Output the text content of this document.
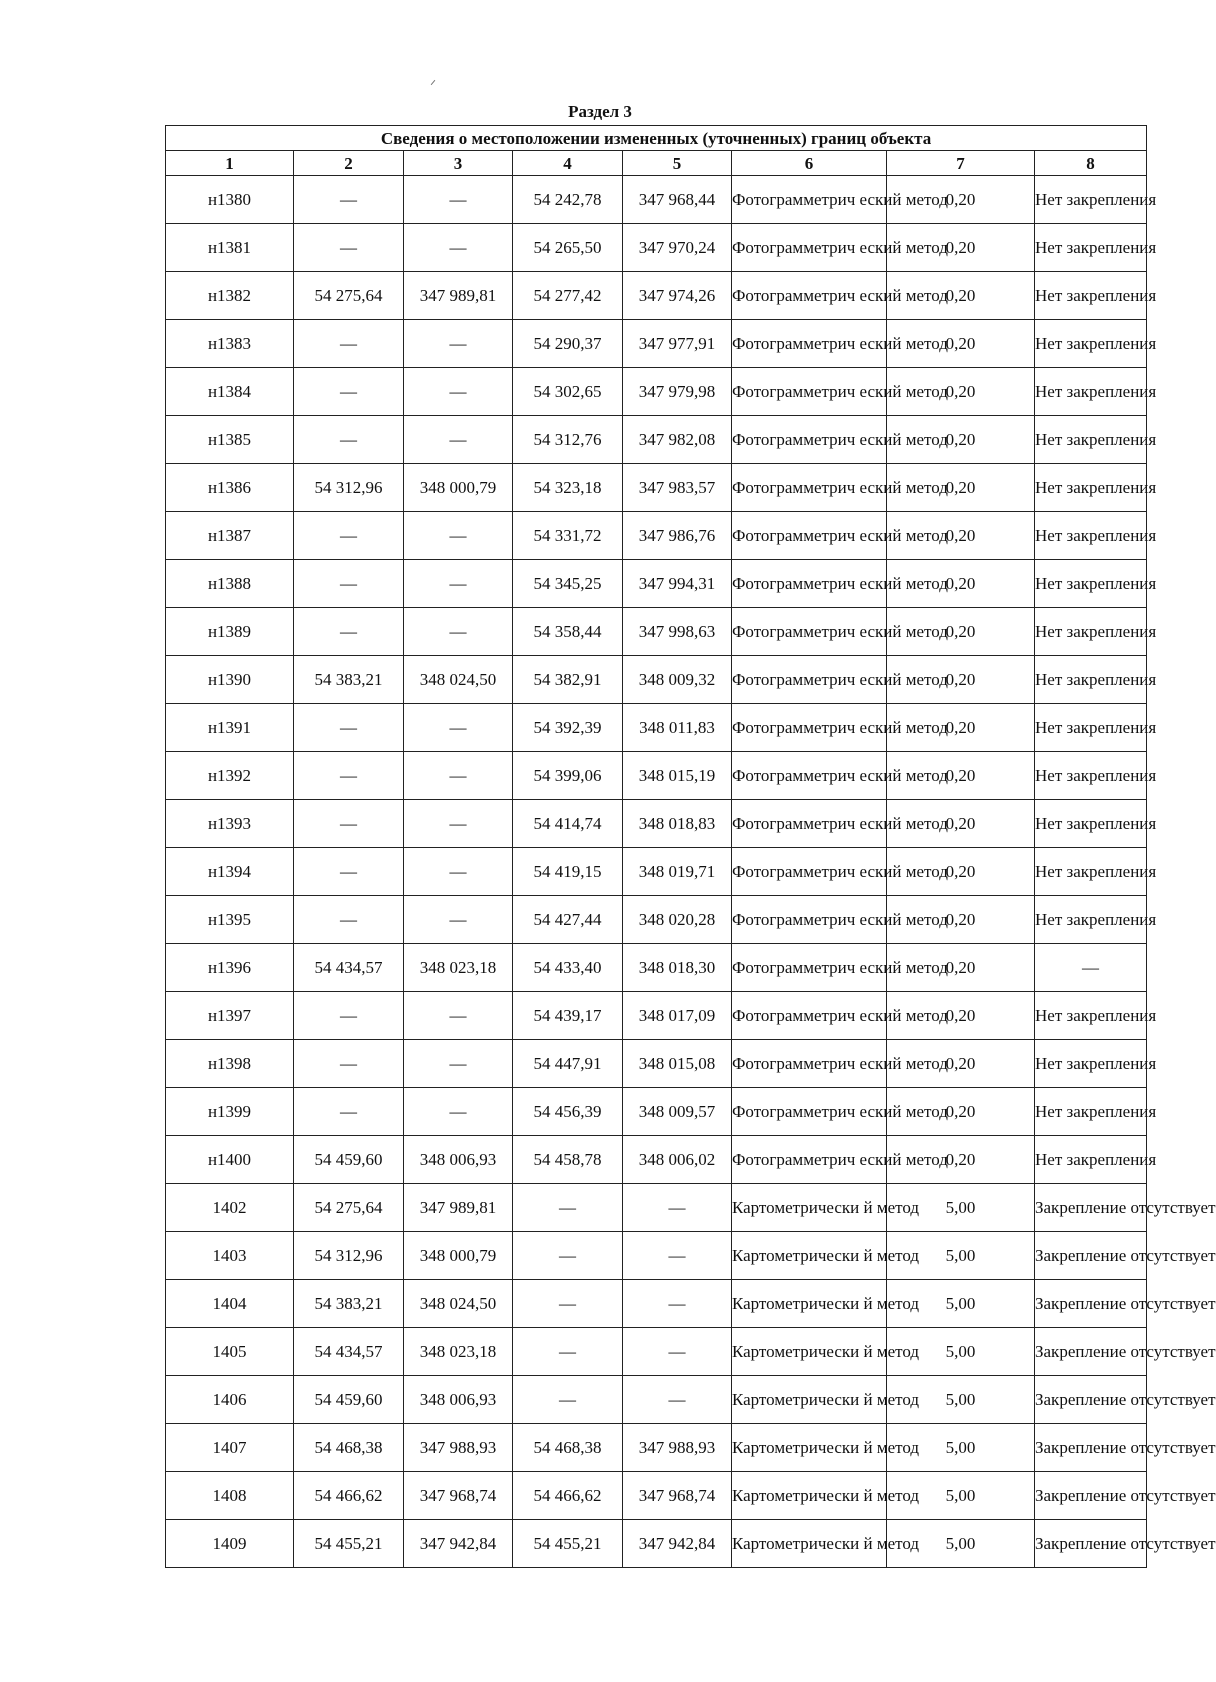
Раздел 3
Сведения о местоположении измененных (уточненных) границ объекта							
1	2	3	4	5	6	7	8
н1380	—	—	54 242,78	347 968,44	Фотограмметрич еский метод	0,20	Нет закрепления
н1381	—	—	54 265,50	347 970,24	Фотограмметрич еский метод	0,20	Нет закрепления
н1382	54 275,64	347 989,81	54 277,42	347 974,26	Фотограмметрич еский метод	0,20	Нет закрепления
н1383	—	—	54 290,37	347 977,91	Фотограмметрич еский метод	0,20	Нет закрепления
н1384	—	—	54 302,65	347 979,98	Фотограмметрич еский метод	0,20	Нет закрепления
н1385	—	—	54 312,76	347 982,08	Фотограмметрич еский метод	0,20	Нет закрепления
н1386	54 312,96	348 000,79	54 323,18	347 983,57	Фотограмметрич еский метод	0,20	Нет закрепления
н1387	—	—	54 331,72	347 986,76	Фотограмметрич еский метод	0,20	Нет закрепления
н1388	—	—	54 345,25	347 994,31	Фотограмметрич еский метод	0,20	Нет закрепления
н1389	—	—	54 358,44	347 998,63	Фотограмметрич еский метод	0,20	Нет закрепления
н1390	54 383,21	348 024,50	54 382,91	348 009,32	Фотограмметрич еский метод	0,20	Нет закрепления
н1391	—	—	54 392,39	348 011,83	Фотограмметрич еский метод	0,20	Нет закрепления
н1392	—	—	54 399,06	348 015,19	Фотограмметрич еский метод	0,20	Нет закрепления
н1393	—	—	54 414,74	348 018,83	Фотограмметрич еский метод	0,20	Нет закрепления
н1394	—	—	54 419,15	348 019,71	Фотограмметрич еский метод	0,20	Нет закрепления
н1395	—	—	54 427,44	348 020,28	Фотограмметрич еский метод	0,20	Нет закрепления
н1396	54 434,57	348 023,18	54 433,40	348 018,30	Фотограмметрич еский метод	0,20	—
н1397	—	—	54 439,17	348 017,09	Фотограмметрич еский метод	0,20	Нет закрепления
н1398	—	—	54 447,91	348 015,08	Фотограмметрич еский метод	0,20	Нет закрепления
н1399	—	—	54 456,39	348 009,57	Фотограмметрич еский метод	0,20	Нет закрепления
н1400	54 459,60	348 006,93	54 458,78	348 006,02	Фотограмметрич еский метод	0,20	Нет закрепления
1402	54 275,64	347 989,81	—	—	Картометрически й метод	5,00	Закрепление отсутствует
1403	54 312,96	348 000,79	—	—	Картометрически й метод	5,00	Закрепление отсутствует
1404	54 383,21	348 024,50	—	—	Картометрически й метод	5,00	Закрепление отсутствует
1405	54 434,57	348 023,18	—	—	Картометрически й метод	5,00	Закрепление отсутствует
1406	54 459,60	348 006,93	—	—	Картометрически й метод	5,00	Закрепление отсутствует
1407	54 468,38	347 988,93	54 468,38	347 988,93	Картометрически й метод	5,00	Закрепление отсутствует
1408	54 466,62	347 968,74	54 466,62	347 968,74	Картометрически й метод	5,00	Закрепление отсутствует
1409	54 455,21	347 942,84	54 455,21	347 942,84	Картометрически й метод	5,00	Закрепление отсутствует
